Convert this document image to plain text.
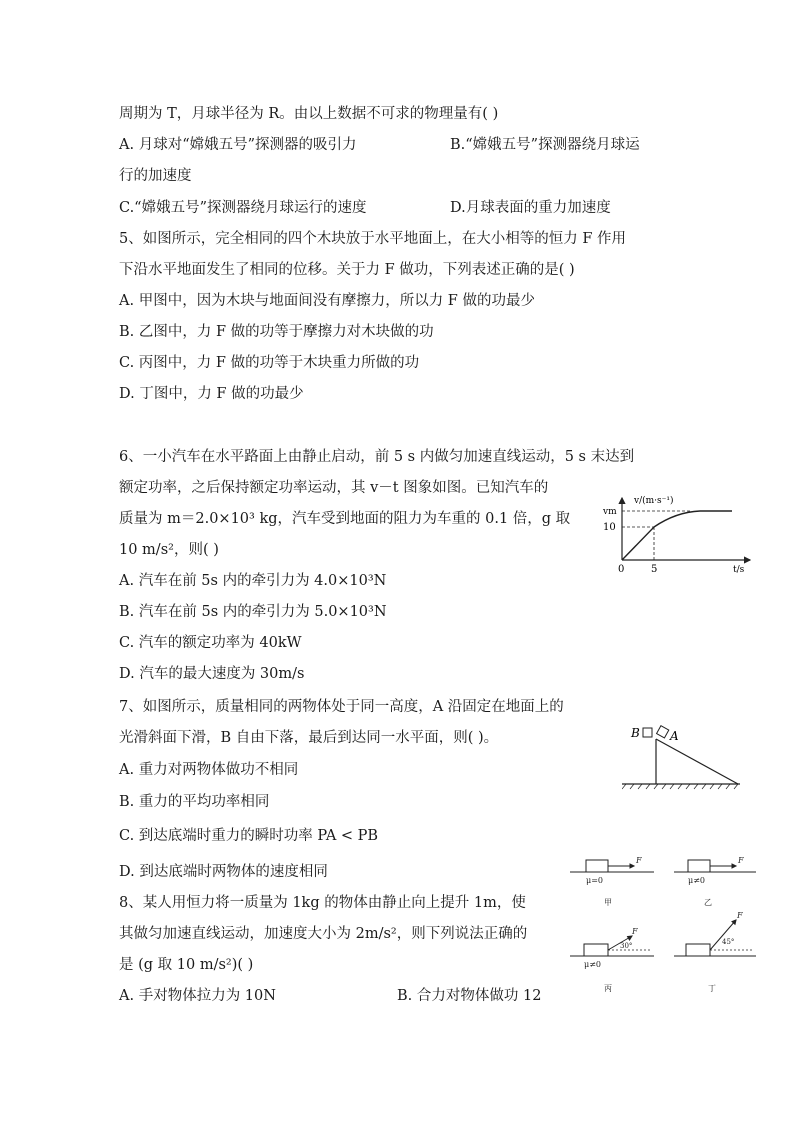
周期为 T，月球半径为 R。由以上数据不可求的物理量有( )
A. 月球对“嫦娥五号”探测器的吸引力	B.“嫦娥五号”探测器绕月球运
行的加速度
C.“嫦娥五号”探测器绕月球运行的速度	D.月球表面的重力加速度
5、如图所示，完全相同的四个木块放于水平地面上，在大小相等的恒力 F 作用
下沿水平地面发生了相同的位移。关于力 F 做功，下列表述正确的是( )
A. 甲图中，因为木块与地面间没有摩擦力，所以力 F 做的功最少
B. 乙图中，力 F 做的功等于摩擦力对木块做的功
C. 丙图中，力 F 做的功等于木块重力所做的功
D. 丁图中，力 F 做的功最少
6、一小汽车在水平路面上由静止启动，前 5 s 内做匀加速直线运动，5 s 末达到
额定功率，之后保持额定功率运动，其 v－t 图象如图。已知汽车的
质量为 m＝2.0×10³ kg，汽车受到地面的阻力为车重的 0.1 倍，g 取
10 m/s²，则( )
A. 汽车在前 5s 内的牵引力为 4.0×10³N
B. 汽车在前 5s 内的牵引力为 5.0×10³N
C. 汽车的额定功率为 40kW
D. 汽车的最大速度为 30m/s
v/(m·s⁻¹)
vm
10
0	5	t/s
7、如图所示，质量相同的两物体处于同一高度，A 沿固定在地面上的
光滑斜面下滑，B 自由下落，最后到达同一水平面，则( )。
A. 重力对两物体做功不相同
B. 重力的平均功率相同
C. 到达底端时重力的瞬时功率 PA < PB
D. 到达底端时两物体的速度相同
B	A
8、某人用恒力将一质量为 1kg 的物体由静止向上提升 1m，使
其做匀加速直线运动，加速度大小为 2m/s²，则下列说法正确的
是 (g 取 10 m/s²)( )
A. 手对物体拉力为 10N	B. 合力对物体做功 12
F
μ=0
甲
F
μ≠0
乙
F
30°
μ≠0
丙
F
45°
丁
